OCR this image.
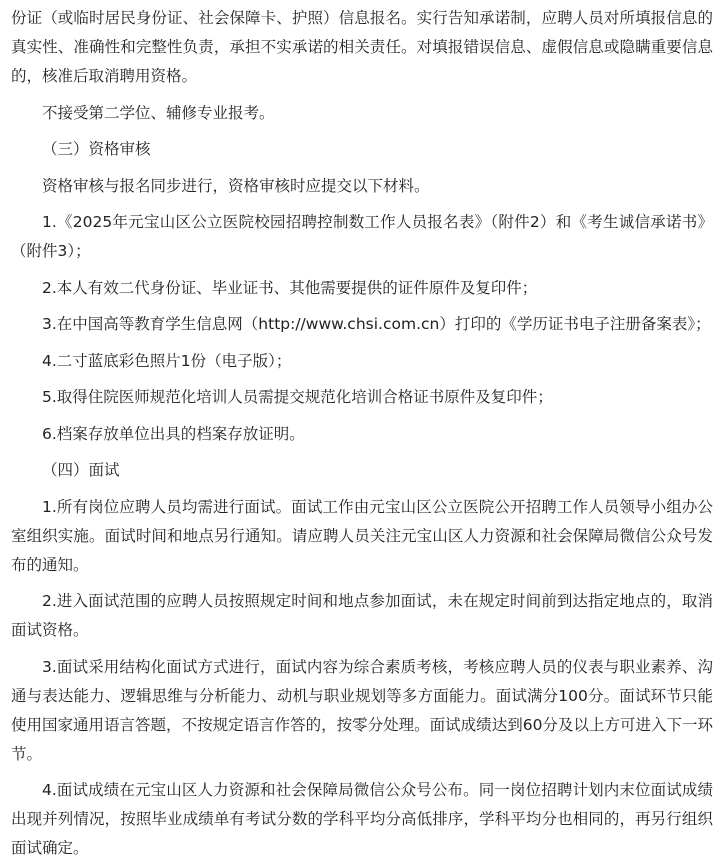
份证（或临时居民身份证、社会保障卡、护照）信息报名。实行告知承诺制，应聘人员对所填报信息的真实性、准确性和完整性负责，承担不实承诺的相关责任。对填报错误信息、虚假信息或隐瞒重要信息的，核准后取消聘用资格。

不接受第二学位、辅修专业报考。

（三）资格审核

资格审核与报名同步进行，资格审核时应提交以下材料。

1.《2025年元宝山区公立医院校园招聘控制数工作人员报名表》（附件2）和《考生诚信承诺书》（附件3）；

2.本人有效二代身份证、毕业证书、其他需要提供的证件原件及复印件；

3.在中国高等教育学生信息网（http://www.chsi.com.cn）打印的《学历证书电子注册备案表》；

4.二寸蓝底彩色照片1份（电子版）；

5.取得住院医师规范化培训人员需提交规范化培训合格证书原件及复印件；

6.档案存放单位出具的档案存放证明。

（四）面试

1.所有岗位应聘人员均需进行面试。面试工作由元宝山区公立医院公开招聘工作人员领导小组办公室组织实施。面试时间和地点另行通知。请应聘人员关注元宝山区人力资源和社会保障局微信公众号发布的通知。

2.进入面试范围的应聘人员按照规定时间和地点参加面试，未在规定时间前到达指定地点的，取消面试资格。

3.面试采用结构化面试方式进行，面试内容为综合素质考核，考核应聘人员的仪表与职业素养、沟通与表达能力、逻辑思维与分析能力、动机与职业规划等多方面能力。面试满分100分。面试环节只能使用国家通用语言答题，不按规定语言作答的，按零分处理。面试成绩达到60分及以上方可进入下一环节。

4.面试成绩在元宝山区人力资源和社会保障局微信公众号公布。同一岗位招聘计划内末位面试成绩出现并列情况，按照毕业成绩单有考试分数的学科平均分高低排序，学科平均分也相同的，再另行组织面试确定。
